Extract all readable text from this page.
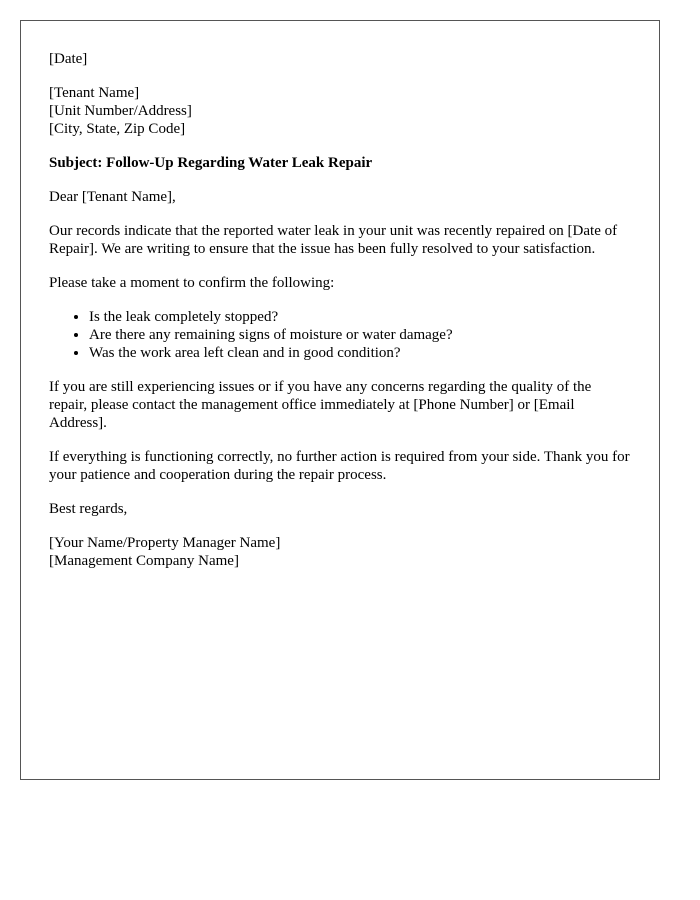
[Date]

[Tenant Name]
[Unit Number/Address]
[City, State, Zip Code]

Subject: Follow-Up Regarding Water Leak Repair

Dear [Tenant Name],

Our records indicate that the reported water leak in your unit was recently repaired on [Date of Repair]. We are writing to ensure that the issue has been fully resolved to your satisfaction.

Please take a moment to confirm the following:

• Is the leak completely stopped?
• Are there any remaining signs of moisture or water damage?
• Was the work area left clean and in good condition?

If you are still experiencing issues or if you have any concerns regarding the quality of the repair, please contact the management office immediately at [Phone Number] or [Email Address].

If everything is functioning correctly, no further action is required from your side. Thank you for your patience and cooperation during the repair process.

Best regards,

[Your Name/Property Manager Name]
[Management Company Name]
